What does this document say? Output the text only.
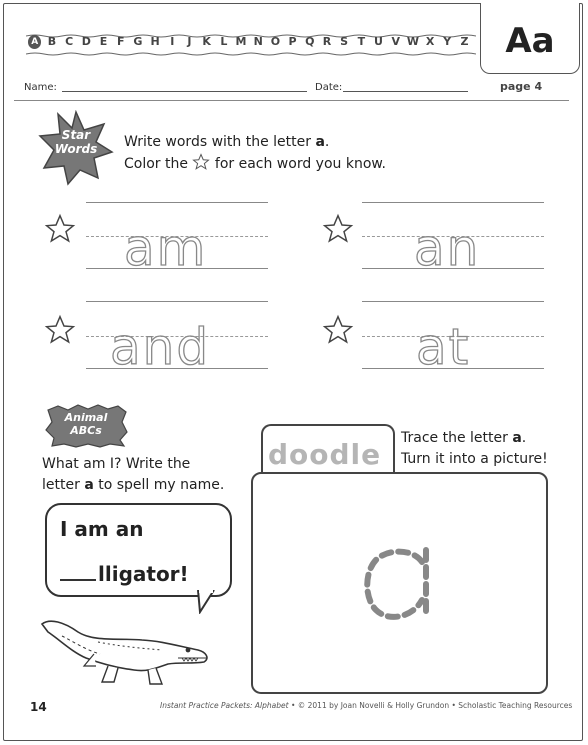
A B C D E F G H I	J K L M N O P Q R S T U V W X Y Z	Aa
Name:	Date:	page 4
Star
Words	Write words with the letter a.
Color the  for each word you know.
am	an
and	at
Animal
ABCs
What am I? Write the
letter a to spell my name.
I am an
lligator!
doodle Trace the letter a.
Turn it into a picture!
14	Instant Practice Packets: Alphabet • © 2011 by Joan Novelli & Holly Grundon • Scholastic Teaching Resources
